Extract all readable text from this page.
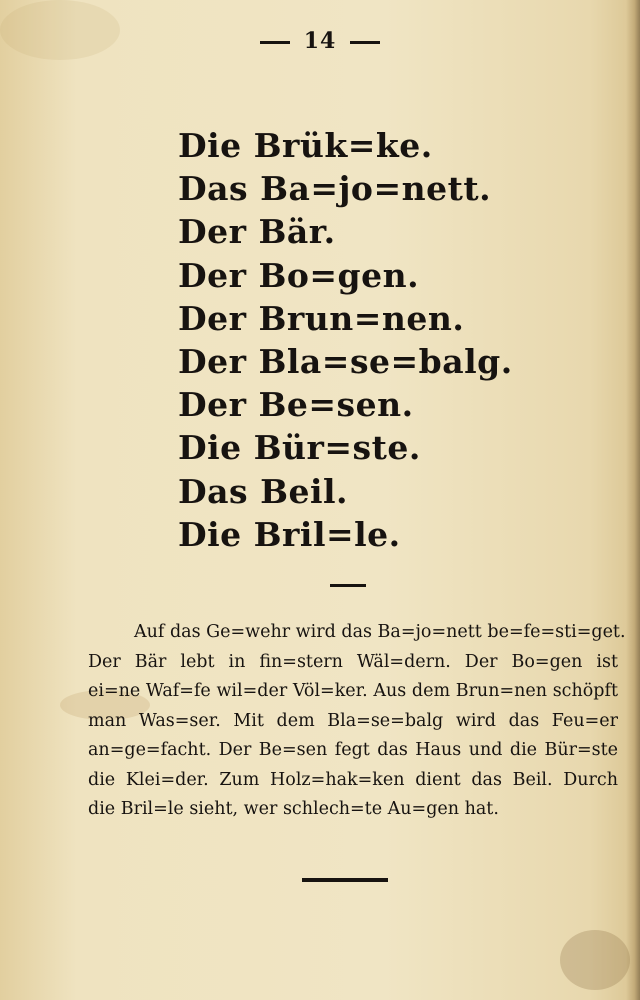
14
Die Brük=ke.
Das Ba=jo=nett.
Der Bär.
Der Bo=gen.
Der Brun=nen.
Der Bla=se=balg.
Der Be=sen.
Die Bür=ste.
Das Beil.
Die Bril=le.
Auf das Ge=wehr wird das Ba=jo=nett be=fe=sti=get.
Der Bär lebt in fin=stern Wäl=dern. Der Bo=gen ist
ei=ne Waf=fe wil=der Völ=ker. Aus dem Brun=nen schöpft
man Was=ser. Mit dem Bla=se=balg wird das Feu=er
an=ge=facht. Der Be=sen fegt das Haus und die Bür=ste
die Klei=der. Zum Holz=hak=ken dient das Beil. Durch
die Bril=le sieht, wer schlech=te Au=gen hat.
